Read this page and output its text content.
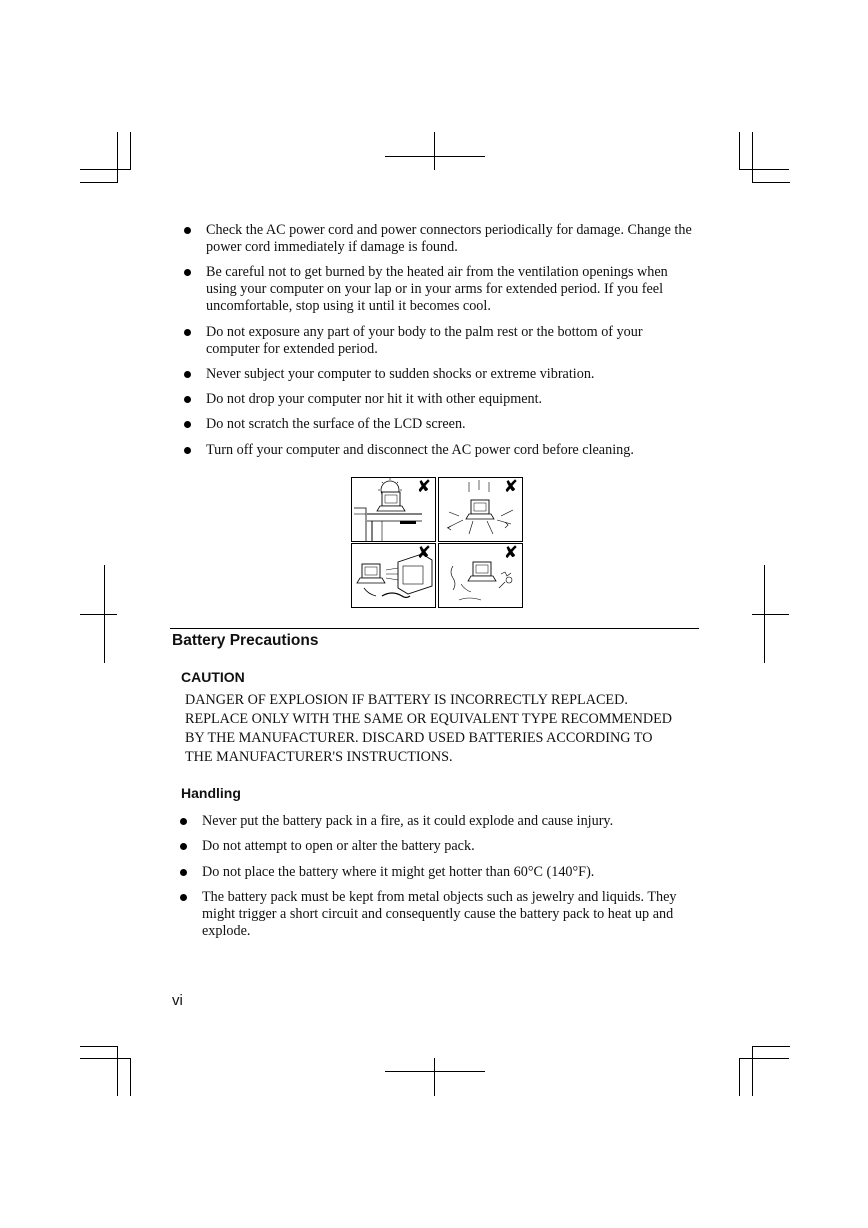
Check the AC power cord and power connectors periodically for damage. Change the power cord immediately if damage is found.
Be careful not to get burned by the heated air from the ventilation openings when using your computer on your lap or in your arms for extended period. If you feel uncomfortable, stop using it until it becomes cool.
Do not exposure any part of your body to the palm rest or the bottom of your computer for extended period.
Never subject your computer to sudden shocks or extreme vibration.
Do not drop your computer nor hit it with other equipment.
Do not scratch the surface of the LCD screen.
Turn off your computer and disconnect the AC power cord before cleaning.
✘	✘
✘	✘
Battery Precautions
CAUTION
DANGER OF EXPLOSION IF BATTERY IS INCORRECTLY REPLACED.
REPLACE ONLY WITH THE SAME OR EQUIVALENT TYPE RECOMMENDED
BY THE MANUFACTURER. DISCARD USED BATTERIES ACCORDING TO
THE MANUFACTURER'S INSTRUCTIONS.
Handling
Never put the battery pack in a fire, as it could explode and cause injury.
Do not attempt to open or alter the battery pack.
Do not place the battery where it might get hotter than 60°C (140°F).
The battery pack must be kept from metal objects such as jewelry and liquids. They might trigger a short circuit and consequently cause the battery pack to heat up and explode.
vi
